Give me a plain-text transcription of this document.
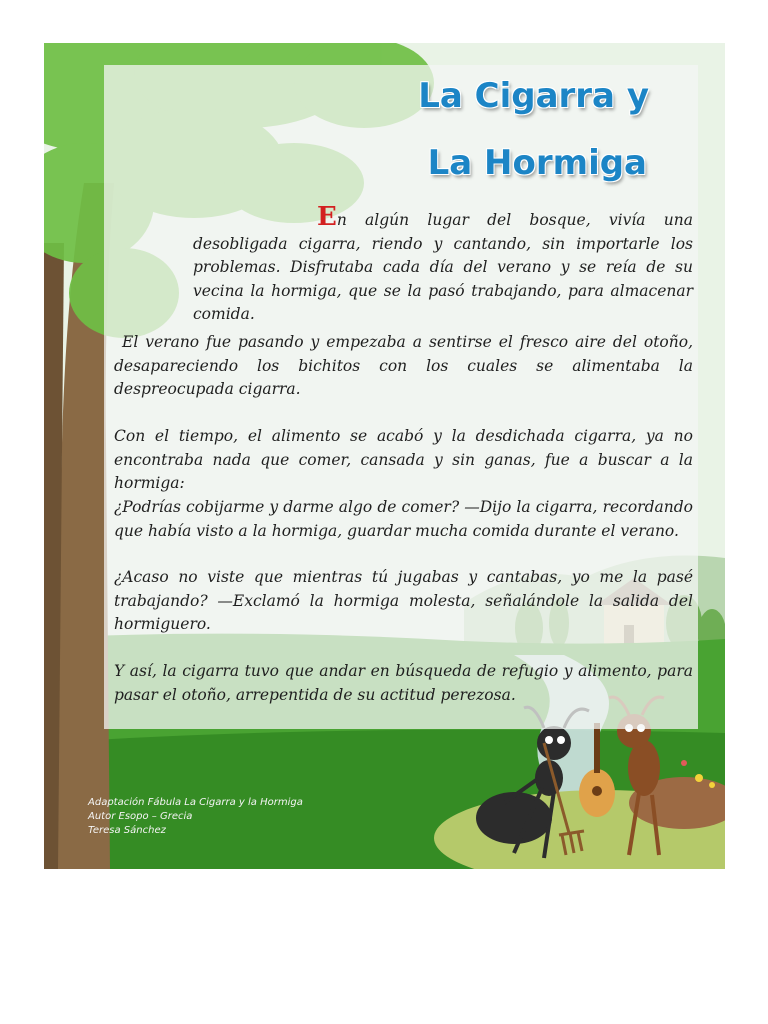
La Cigarra y
La Hormiga

En algún lugar del bosque, vivía una desobligada cigarra, riendo y cantando, sin importarle los problemas. Disfrutaba cada día del verano y se reía de su vecina la hormiga, que se la pasó trabajando, para almacenar comida.

El verano fue pasando y empezaba a sentirse el fresco aire del otoño, desapareciendo los bichitos con los cuales se alimentaba la despreocupada cigarra.

Con el tiempo, el alimento se acabó y la desdichada cigarra, ya no encontraba nada que comer, cansada y sin ganas, fue a buscar a la hormiga:

¿Podrías cobijarme y darme algo de comer? —Dijo la cigarra, recordando que había visto a la hormiga, guardar mucha comida durante el verano.

¿Acaso no viste que mientras tú jugabas y cantabas, yo me la pasé trabajando? —Exclamó la hormiga molesta, señalándole la salida del hormiguero.

Y así, la cigarra tuvo que andar en búsqueda de refugio y alimento, para pasar el otoño, arrepentida de su actitud perezosa.

Adaptación Fábula La Cigarra y la Hormiga
Autor Esopo – Grecia
Teresa Sánchez
